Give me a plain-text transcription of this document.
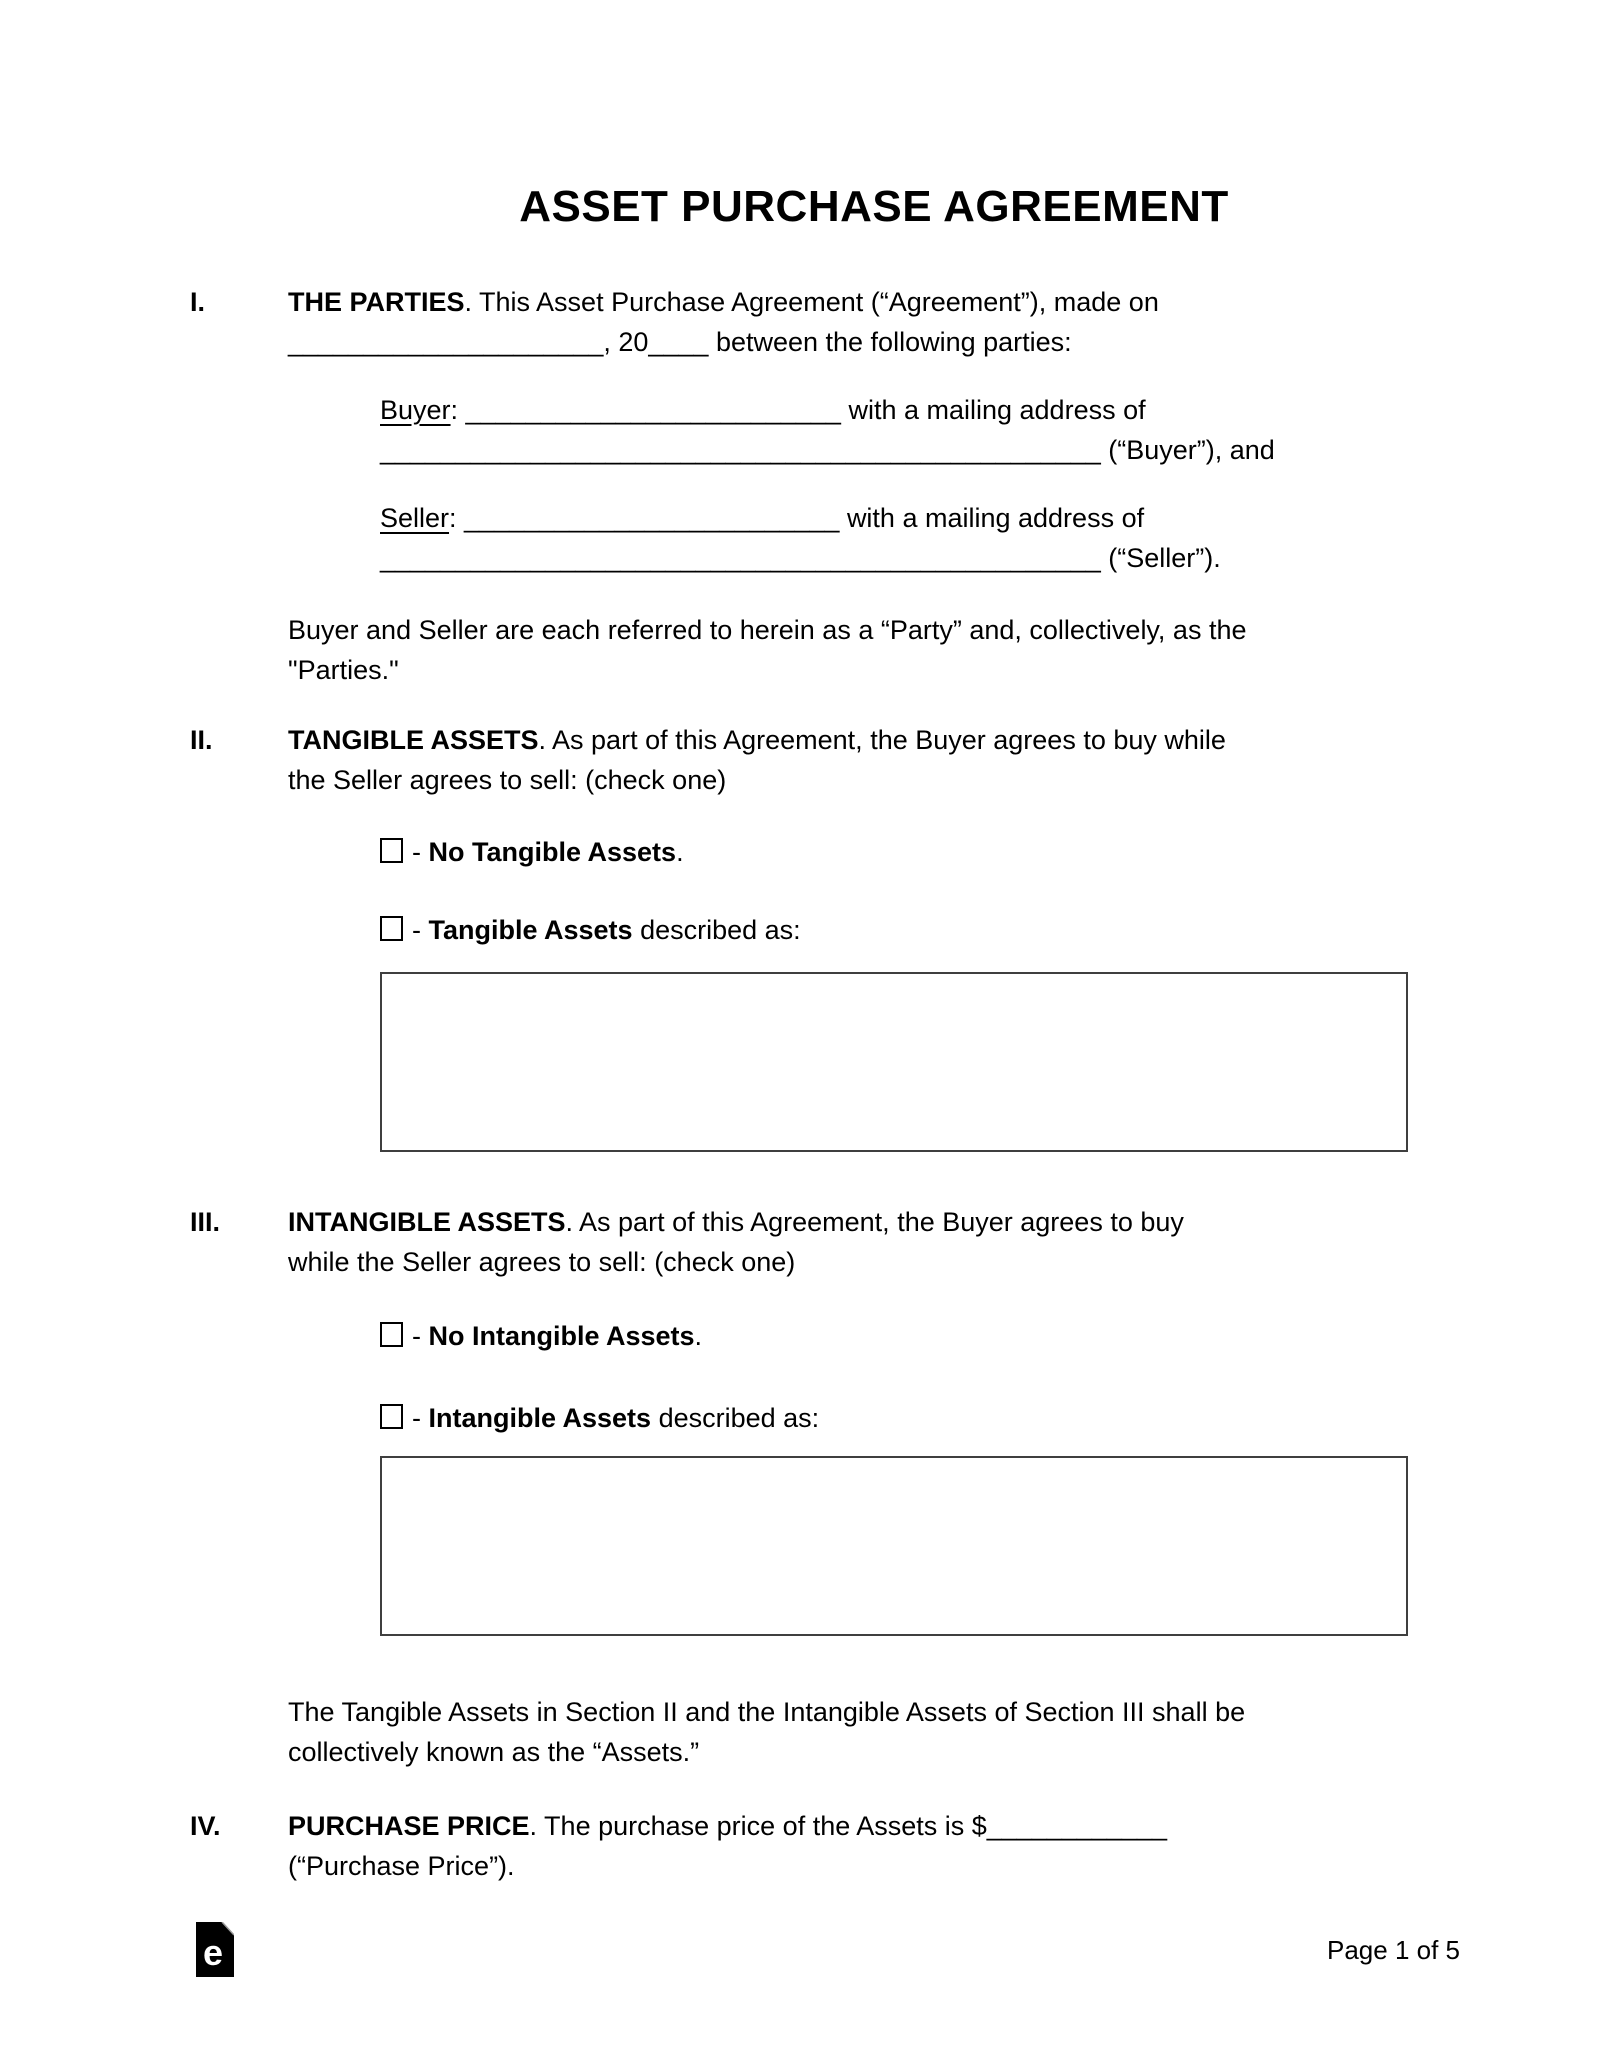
ASSET PURCHASE AGREEMENT
I.	THE PARTIES. This Asset Purchase Agreement (“Agreement”), made on
_____________________, 20____ between the following parties:
Buyer: _________________________ with a mailing address of
________________________________________________ (“Buyer”), and
Seller: _________________________ with a mailing address of
________________________________________________ (“Seller”).
Buyer and Seller are each referred to herein as a “Party” and, collectively, as the
"Parties."
II.	TANGIBLE ASSETS. As part of this Agreement, the Buyer agrees to buy while
the Seller agrees to sell: (check one)
- No Tangible Assets.
- Tangible Assets described as:
III.	INTANGIBLE ASSETS. As part of this Agreement, the Buyer agrees to buy
while the Seller agrees to sell: (check one)
- No Intangible Assets.
- Intangible Assets described as:
The Tangible Assets in Section II and the Intangible Assets of Section III shall be
collectively known as the “Assets.”
IV. PURCHASE PRICE. The purchase price of the Assets is $____________
(“Purchase Price”).
e	Page 1 of 5
